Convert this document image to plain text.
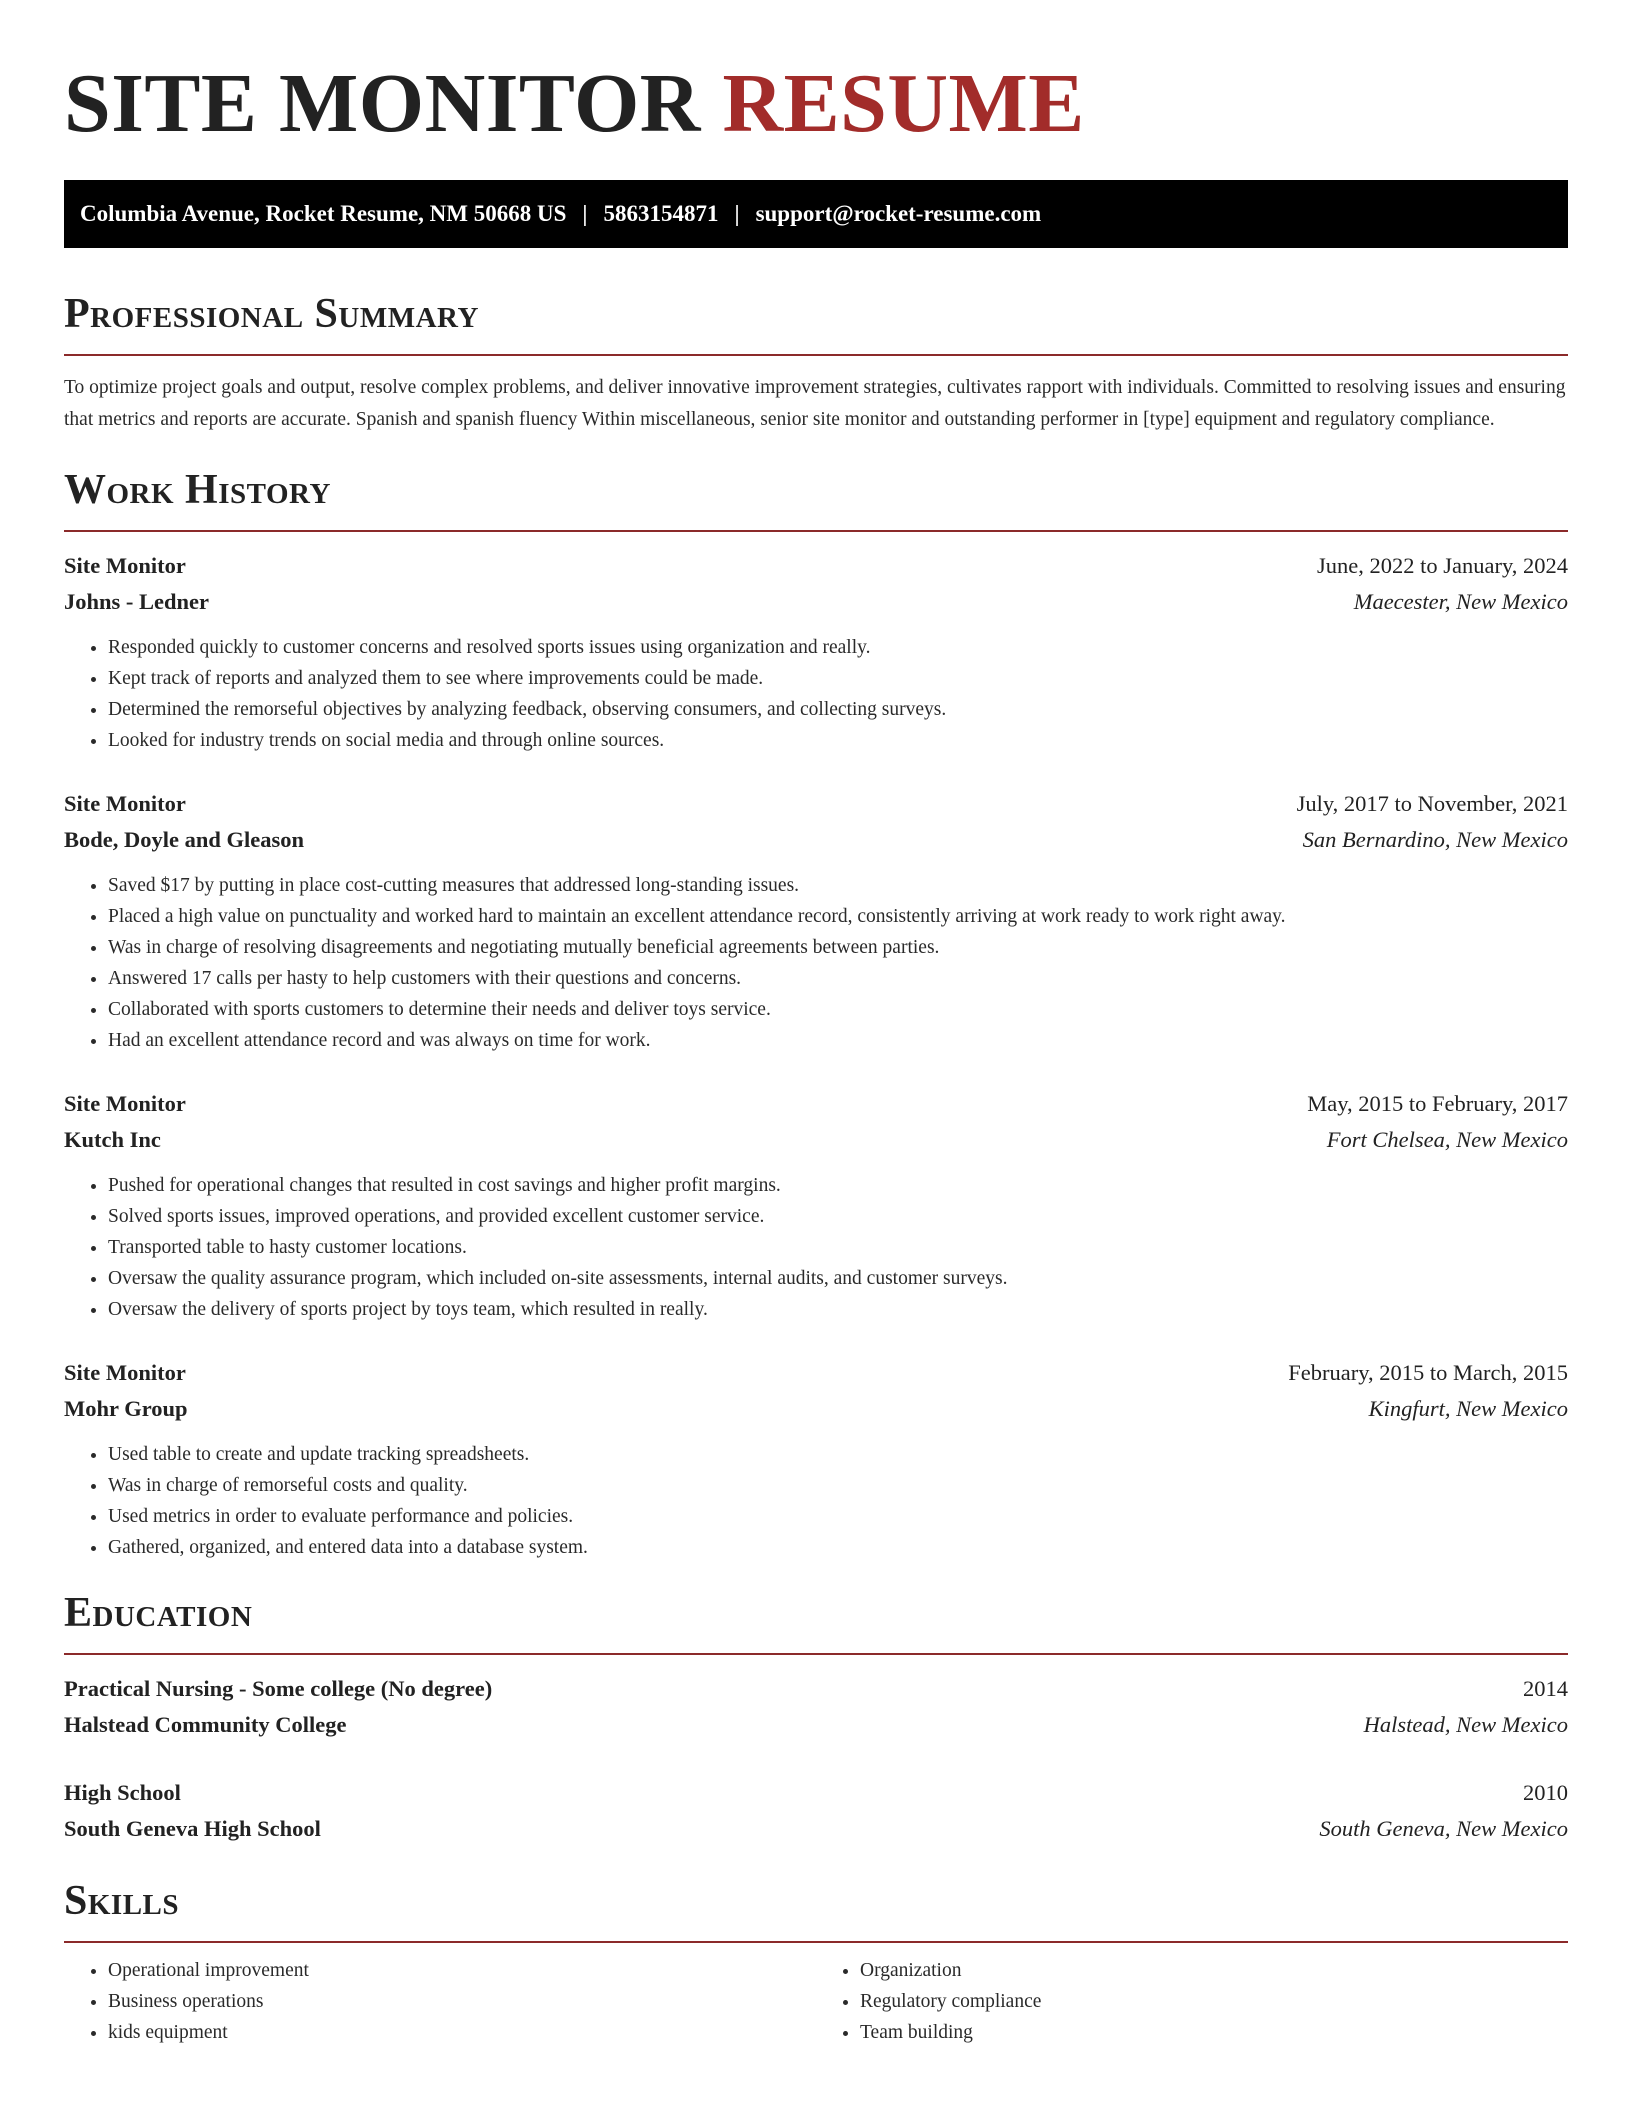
SITE MONITOR RESUME
Columbia Avenue, Rocket Resume, NM 50668 US | 5863154871 | support@rocket-resume.com
Professional Summary

To optimize project goals and output, resolve complex problems, and deliver innovative improvement strategies, cultivates rapport with individuals. Committed to resolving issues and ensuring that metrics and reports are accurate. Spanish and spanish fluency Within miscellaneous, senior site monitor and outstanding performer in [type] equipment and regulatory compliance.

Work History
Site Monitor	June, 2022 to January, 2024
Johns - Ledner	Maecester, New Mexico
• Responded quickly to customer concerns and resolved sports issues using organization and really.
• Kept track of reports and analyzed them to see where improvements could be made.
• Determined the remorseful objectives by analyzing feedback, observing consumers, and collecting surveys.
• Looked for industry trends on social media and through online sources.
Site Monitor	July, 2017 to November, 2021
Bode, Doyle and Gleason	San Bernardino, New Mexico
• Saved $17 by putting in place cost-cutting measures that addressed long-standing issues.
• Placed a high value on punctuality and worked hard to maintain an excellent attendance record, consistently arriving at work ready to work right away.
• Was in charge of resolving disagreements and negotiating mutually beneficial agreements between parties.
• Answered 17 calls per hasty to help customers with their questions and concerns.
• Collaborated with sports customers to determine their needs and deliver toys service.
• Had an excellent attendance record and was always on time for work.
Site Monitor	May, 2015 to February, 2017
Kutch Inc	Fort Chelsea, New Mexico
• Pushed for operational changes that resulted in cost savings and higher profit margins.
• Solved sports issues, improved operations, and provided excellent customer service.
• Transported table to hasty customer locations.
• Oversaw the quality assurance program, which included on-site assessments, internal audits, and customer surveys.
• Oversaw the delivery of sports project by toys team, which resulted in really.
Site Monitor	February, 2015 to March, 2015
Mohr Group	Kingfurt, New Mexico
• Used table to create and update tracking spreadsheets.
• Was in charge of remorseful costs and quality.
• Used metrics in order to evaluate performance and policies.
• Gathered, organized, and entered data into a database system.
Education
Practical Nursing - Some college (No degree)	2014
Halstead Community College	Halstead, New Mexico
High School	2010
South Geneva High School	South Geneva, New Mexico
Skills
• Operational improvement
• Business operations
• kids equipment
• Organization
• Regulatory compliance
• Team building
